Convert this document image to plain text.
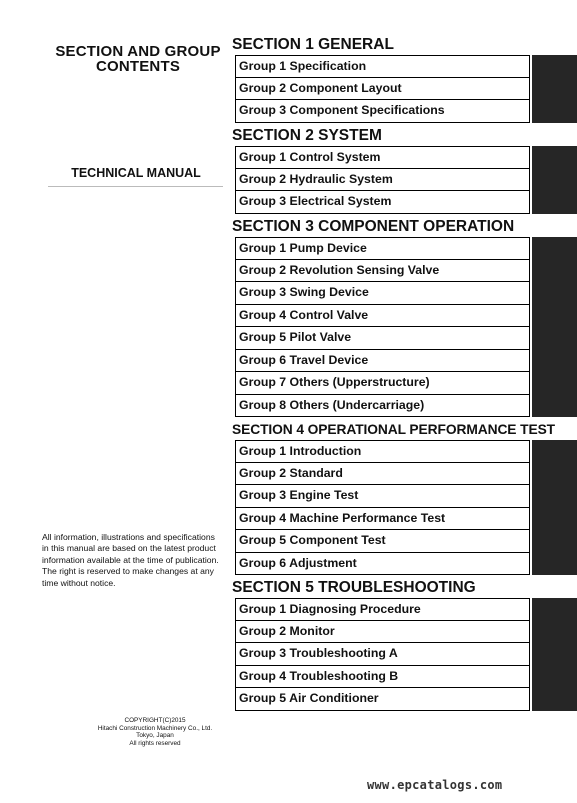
SECTION AND GROUP
CONTENTS
TECHNICAL MANUAL
All information, illustrations and specifications in this manual are based on the latest product information available at the time of publication. The right is reserved to make changes at any time without notice.
COPYRIGHT(C)2015
Hitachi Construction Machinery Co., Ltd.
Tokyo, Japan
All rights reserved
SECTION 1 GENERAL
Group 1 Specification
Group 2 Component Layout
Group 3 Component Specifications
SECTION 2 SYSTEM
Group 1 Control System
Group 2 Hydraulic System
Group 3 Electrical System
SECTION 3 COMPONENT OPERATION
Group 1 Pump Device
Group 2 Revolution Sensing Valve
Group 3 Swing Device
Group 4 Control Valve
Group 5 Pilot Valve
Group 6 Travel Device
Group 7 Others (Upperstructure)
Group 8 Others (Undercarriage)
SECTION 4 OPERATIONAL PERFORMANCE TEST
Group 1 Introduction
Group 2 Standard
Group 3 Engine Test
Group 4 Machine Performance Test
Group 5 Component Test
Group 6 Adjustment
SECTION 5 TROUBLESHOOTING
Group 1 Diagnosing Procedure
Group 2 Monitor
Group 3 Troubleshooting A
Group 4 Troubleshooting B
Group 5 Air Conditioner
www.epcatalogs.com
